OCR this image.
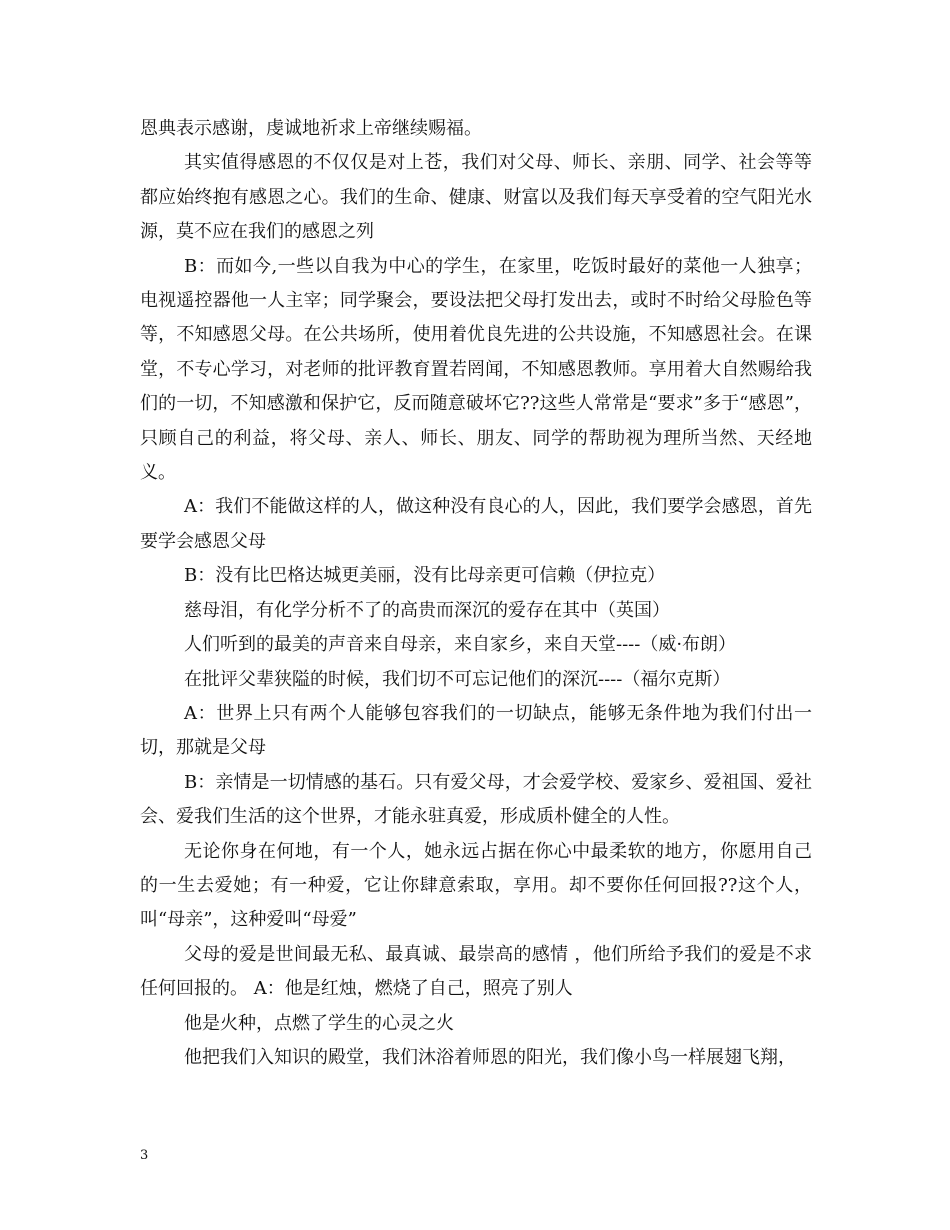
恩典表示感谢，虔诚地祈求上帝继续赐福。

其实值得感恩的不仅仅是对上苍，我们对父母、师长、亲朋、同学、社会等等都应始终抱有感恩之心。我们的生命、健康、财富以及我们每天享受着的空气阳光水源，莫不应在我们的感恩之列

B：而如今,一些以自我为中心的学生，在家里，吃饭时最好的菜他一人独享；电视遥控器他一人主宰；同学聚会，要设法把父母打发出去，或时不时给父母脸色等等，不知感恩父母。在公共场所，使用着优良先进的公共设施，不知感恩社会。在课堂，不专心学习，对老师的批评教育置若罔闻，不知感恩教师。享用着大自然赐给我们的一切，不知感激和保护它，反而随意破坏它??这些人常常是“要求”多于“感恩”，只顾自己的利益，将父母、亲人、师长、朋友、同学的帮助视为理所当然、天经地义。

A：我们不能做这样的人，做这种没有良心的人，因此，我们要学会感恩，首先要学会感恩父母

B：没有比巴格达城更美丽，没有比母亲更可信赖（伊拉克）

慈母泪，有化学分析不了的高贵而深沉的爱存在其中（英国）

人们听到的最美的声音来自母亲，来自家乡，来自天堂----（威·布朗）

在批评父辈狭隘的时候，我们切不可忘记他们的深沉----（福尔克斯）

A：世界上只有两个人能够包容我们的一切缺点，能够无条件地为我们付出一切，那就是父母

B：亲情是一切情感的基石。只有爱父母，才会爱学校、爱家乡、爱祖国、爱社会、爱我们生活的这个世界，才能永驻真爱，形成质朴健全的人性。

无论你身在何地，有一个人，她永远占据在你心中最柔软的地方，你愿用自己的一生去爱她；有一种爱，它让你肆意索取，享用。却不要你任何回报??这个人，叫“母亲”，这种爱叫“母爱”

父母的爱是世间最无私、最真诚、最崇高的感情 ，他们所给予我们的爱是不求任何回报的。 A：他是红烛，燃烧了自己，照亮了别人

他是火种，点燃了学生的心灵之火

他把我们入知识的殿堂，我们沐浴着师恩的阳光，我们像小鸟一样展翅飞翔，

3
